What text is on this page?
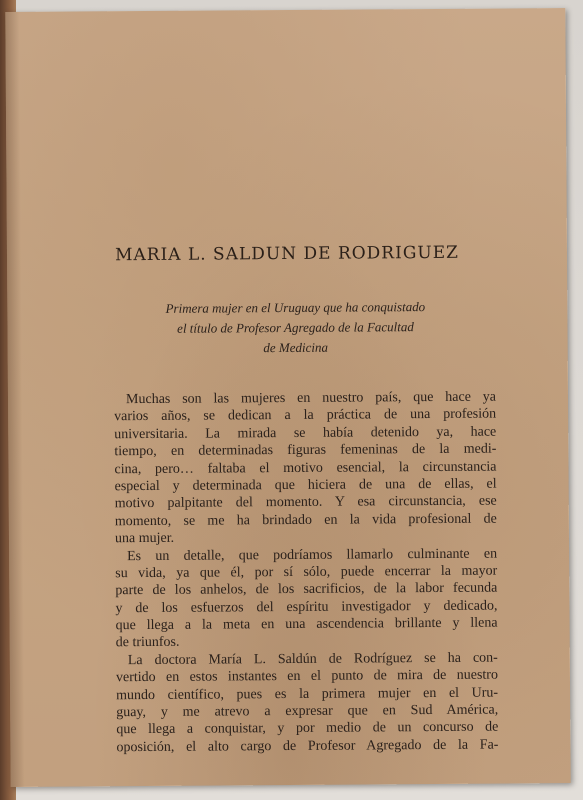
MARIA L. SALDUN DE RODRIGUEZ
Primera mujer en el Uruguay que ha conquistado
el título de Profesor Agregado de la Facultad
de Medicina
Muchas son las mujeres en nuestro país, que hace ya
varios años, se dedican a la práctica de una profesión
universitaria. La mirada se había detenido ya, hace
tiempo, en determinadas figuras femeninas de la medi-
cina, pero… faltaba el motivo esencial, la circunstancia
especial y determinada que hiciera de una de ellas, el
motivo palpitante del momento. Y esa circunstancia, ese
momento, se me ha brindado en la vida profesional de
una mujer.
Es un detalle, que podríamos llamarlo culminante en
su vida, ya que él, por sí sólo, puede encerrar la mayor
parte de los anhelos, de los sacrificios, de la labor fecunda
y de los esfuerzos del espíritu investigador y dedicado,
que llega a la meta en una ascendencia brillante y llena
de triunfos.
La doctora María L. Saldún de Rodríguez se ha con-
vertido en estos instantes en el punto de mira de nuestro
mundo científico, pues es la primera mujer en el Uru-
guay, y me atrevo a expresar que en Sud América,
que llega a conquistar, y por medio de un concurso de
oposición, el alto cargo de Profesor Agregado de la Fa-
